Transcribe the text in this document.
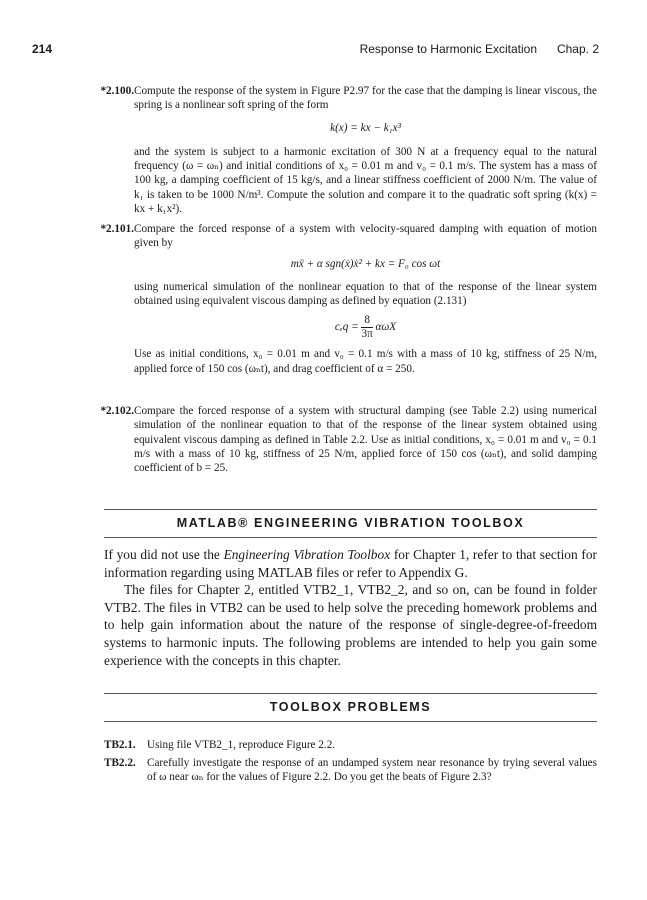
214	Response to Harmonic Excitation Chap. 2
*2.100. Compute the response of the system in Figure P2.97 for the case that the damping is linear viscous, the spring is a nonlinear soft spring of the form

k(x) = kx − k₁x³

and the system is subject to a harmonic excitation of 300 N at a frequency equal to the natural frequency (ω = ωₙ) and initial conditions of x₀ = 0.01 m and v₀ = 0.1 m/s. The system has a mass of 100 kg, a damping coefficient of 15 kg/s, and a linear stiffness coefficient of 2000 N/m. The value of k₁ is taken to be 1000 N/m³. Compute the solution and compare it to the quadratic soft spring (k(x) = kx + k₁x²).

*2.101. Compare the forced response of a system with velocity-squared damping with equation of motion given by

mẍ + α sgn(ẋ)ẋ² + kx = F₀ cos ωt

using numerical simulation of the nonlinear equation to that of the response of the linear system obtained using equivalent viscous damping as defined by equation (2.131)

$c_eq = \frac{8}{3\pi}$ αωX

Use as initial conditions, x₀ = 0.01 m and v₀ = 0.1 m/s with a mass of 10 kg, stiffness of 25 N/m, applied force of 150 cos (ωₙt), and drag coefficient of α = 250.

*2.102. Compare the forced response of a system with structural damping (see Table 2.2) using numerical simulation of the nonlinear equation to that of the response of the linear system obtained using equivalent viscous damping as defined in Table 2.2. Use as initial conditions, x₀ = 0.01 m and v₀ = 0.1 m/s with a mass of 10 kg, stiffness of 25 N/m, applied force of 150 cos (ωₙt), and solid damping coefficient of b = 25.

MATLAB® ENGINEERING VIBRATION TOOLBOX

If you did not use the Engineering Vibration Toolbox for Chapter 1, refer to that section for information regarding using MATLAB files or refer to Appendix G.

The files for Chapter 2, entitled VTB2_1, VTB2_2, and so on, can be found in folder VTB2. The files in VTB2 can be used to help solve the preceding homework problems and to help gain information about the nature of the response of single-degree-of-freedom systems to harmonic inputs. The following problems are intended to help you gain some experience with the concepts in this chapter.

TOOLBOX PROBLEMS
TB2.1.	Using file VTB2_1, reproduce Figure 2.2.
TB2.2.	Carefully investigate the response of an undamped system near resonance by trying several values of ω near ωₙ for the values of Figure 2.2. Do you get the beats of Figure 2.3?
